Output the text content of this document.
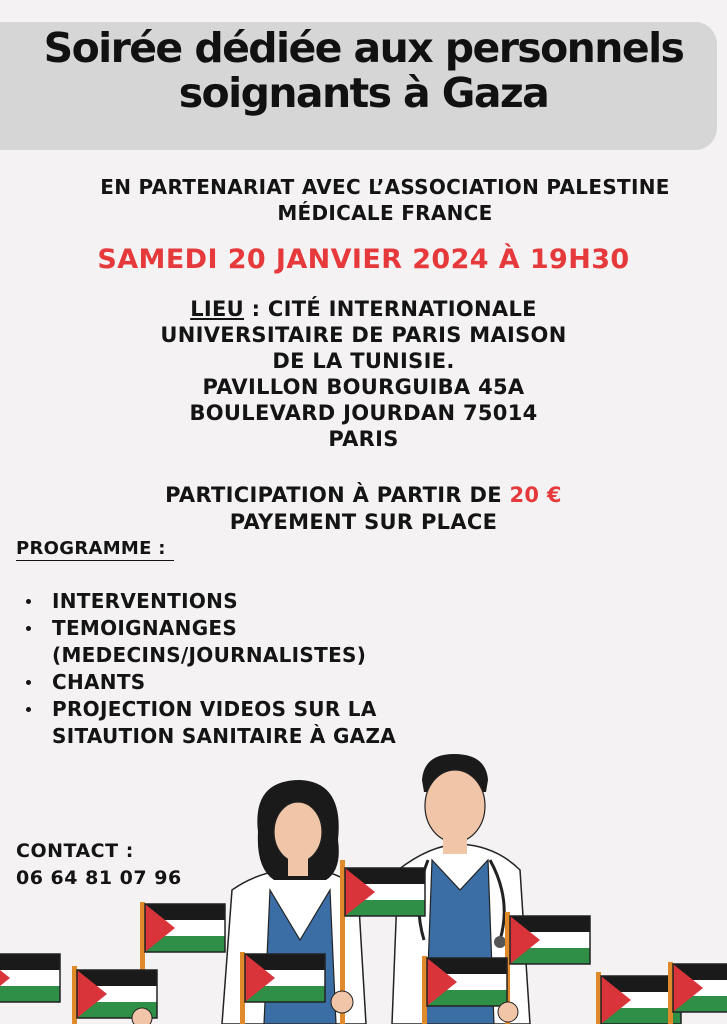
Soirée dédiée aux personnels
soignants à Gaza
EN PARTENARIAT AVEC L’ASSOCIATION PALESTINE
MÉDICALE FRANCE
SAMEDI 20 JANVIER 2024 À 19H30
LIEU : CITÉ INTERNATIONALE
UNIVERSITAIRE DE PARIS MAISON
DE LA TUNISIE.
PAVILLON BOURGUIBA 45A
BOULEVARD JOURDAN 75014
PARIS
PARTICIPATION À PARTIR DE 20 €
PAYEMENT SUR PLACE
PROGRAMME :
INTERVENTIONS
TEMOIGNANGES
(MEDECINS/JOURNALISTES)
CHANTS
PROJECTION VIDEOS SUR LA
SITAUTION SANITAIRE À GAZA
CONTACT :
06 64 81 07 96
